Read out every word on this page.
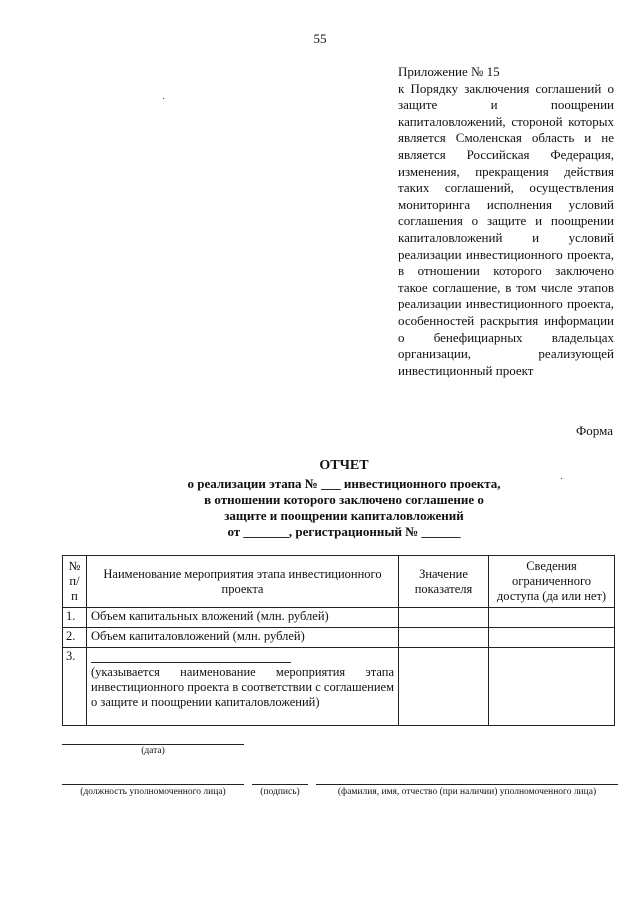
55
Приложение № 15
к Порядку заключения соглашений о защите и поощрении капиталовложений, стороной которых является Смоленская область и не является Российская Федерация, изменения, прекращения действия таких соглашений, осуществления мониторинга исполнения условий соглашения о защите и поощрении капиталовложений и условий реализации инвестиционного проекта, в отношении которого заключено такое соглашение, в том числе этапов реализации инвестиционного проекта, особенностей раскрытия информации о бенефициарных владельцах организации, реализующей инвестиционный проект
Форма
ОТЧЕТ
о реализации этапа № ___ инвестиционного проекта,
в отношении которого заключено соглашение о
защите и поощрении капиталовложений
от _______, регистрационный № ______
№ п/п	Наименование мероприятия этапа инвестиционного проекта	Значение показателя	Сведения ограниченного доступа (да или нет)
1.	Объем капитальных вложений (млн. рублей)		
2.	Объем капиталовложений (млн. рублей)		
3.	(указывается наименование мероприятия этапа инвестиционного проекта в соответствии с соглашением о защите и поощрении капиталовложений)		
(дата)
(должность уполномоченного лица)	(подпись)	(фамилия, имя, отчество (при наличии) уполномоченного лица)
·
·
